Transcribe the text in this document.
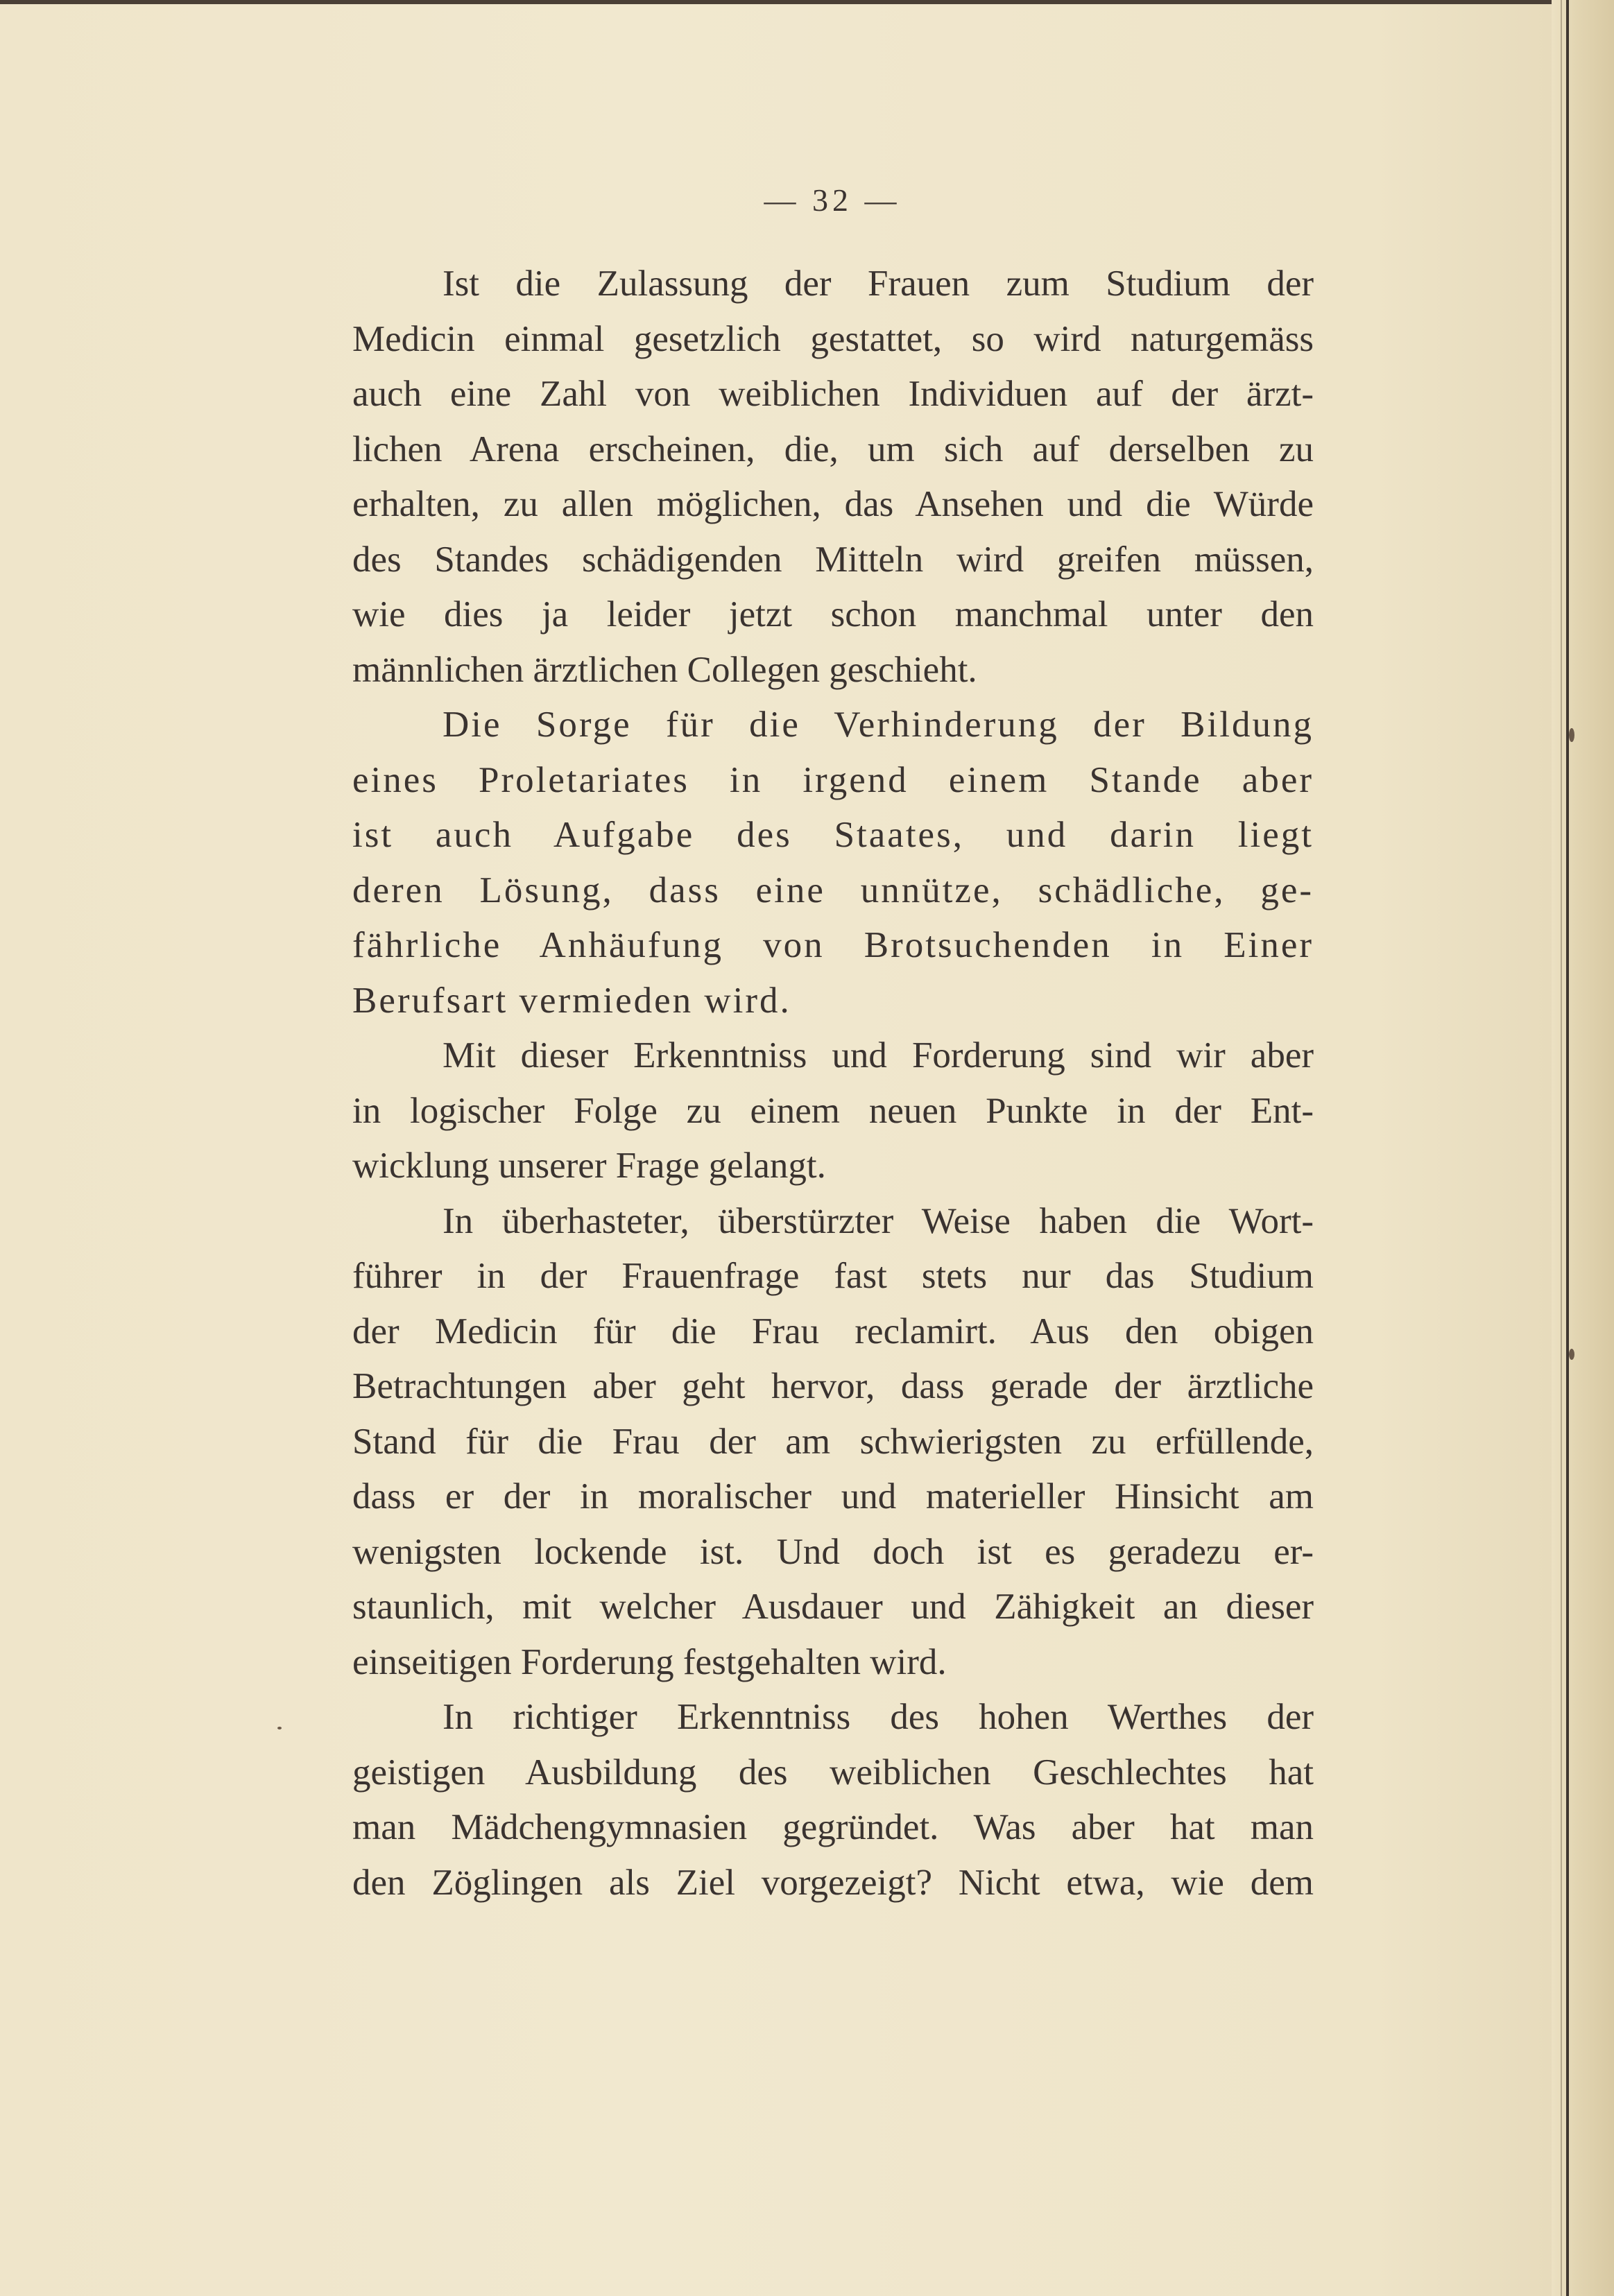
— 32 —
Ist die Zulassung der Frauen zum Studium der
Medicin einmal gesetzlich gestattet, so wird naturgemäss
auch eine Zahl von weiblichen Individuen auf der ärzt-
lichen Arena erscheinen, die, um sich auf derselben zu
erhalten, zu allen möglichen, das Ansehen und die Würde
des Standes schädigenden Mitteln wird greifen müssen,
wie dies ja leider jetzt schon manchmal unter den
männlichen ärztlichen Collegen geschieht.
Die Sorge für die Verhinderung der Bildung
eines Proletariates in irgend einem Stande aber
ist auch Aufgabe des Staates, und darin liegt
deren Lösung, dass eine unnütze, schädliche, ge-
fährliche Anhäufung von Brotsuchenden in Einer
Berufsart vermieden wird.
Mit dieser Erkenntniss und Forderung sind wir aber
in logischer Folge zu einem neuen Punkte in der Ent-
wicklung unserer Frage gelangt.
In überhasteter, überstürzter Weise haben die Wort-
führer in der Frauenfrage fast stets nur das Studium
der Medicin für die Frau reclamirt. Aus den obigen
Betrachtungen aber geht hervor, dass gerade der ärztliche
Stand für die Frau der am schwierigsten zu erfüllende,
dass er der in moralischer und materieller Hinsicht am
wenigsten lockende ist. Und doch ist es geradezu er-
staunlich, mit welcher Ausdauer und Zähigkeit an dieser
einseitigen Forderung festgehalten wird.
In richtiger Erkenntniss des hohen Werthes der
geistigen Ausbildung des weiblichen Geschlechtes hat
man Mädchengymnasien gegründet. Was aber hat man
den Zöglingen als Ziel vorgezeigt? Nicht etwa, wie dem
